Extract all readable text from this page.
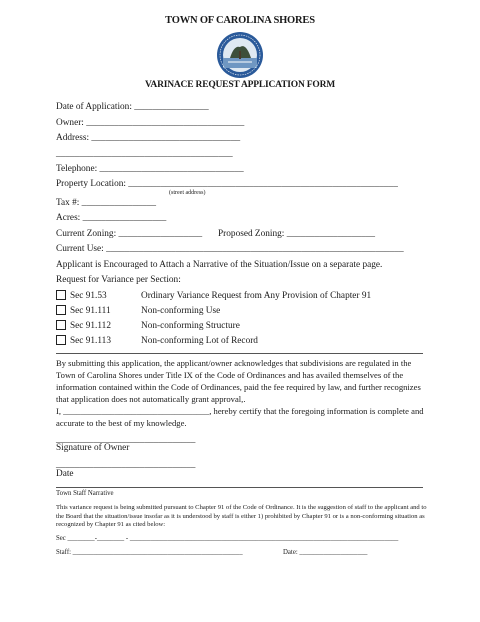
TOWN OF CAROLINA SHORES
VARINACE REQUEST APPLICATION FORM
Date of Application: ________________
Owner: __________________________________
Address: ________________________________
______________________________________
Telephone: _______________________________
Property Location: __________________________________________________________
(street address)
Tax #: ________________
Acres: __________________
Current Zoning: __________________ Proposed Zoning: ___________________
Current Use: ________________________________________________________________
Applicant is Encouraged to Attach a Narrative of the Situation/Issue on a separate page.
Request for Variance per Section:
Sec 91.53	Ordinary Variance Request from Any Provision of Chapter 91
Sec 91.111	Non-conforming Use
Sec 91.112	Non-conforming Structure
Sec 91.113	Non-conforming Lot of Record
By submitting this application, the applicant/owner acknowledges that subdivisions are regulated in the Town of Carolina Shores under Title IX of the Code of Ordinances and has availed themselves of the information contained within the Code of Ordinances, paid the fee required by law, and further recognizes that application does not automatically grant approval,.
I, __________________________________, hereby certify that the foregoing information is complete and accurate to the best of my knowledge.
______________________________
Signature of Owner
______________________________
Date
Town Staff Narrative
This variance request is being submitted pursuant to Chapter 91 of the Code of Ordinance. It is the suggestion of staff to the applicant and to the Board that the situation/issue insofar as it is understood by staff is either 1) prohibited by Chapter 91 or is a non-conforming situation as recognized by Chapter 91 as cited below:
Sec ________-________ - _______________________________________________________________________________
Staff: __________________________________________________	Date: ____________________
